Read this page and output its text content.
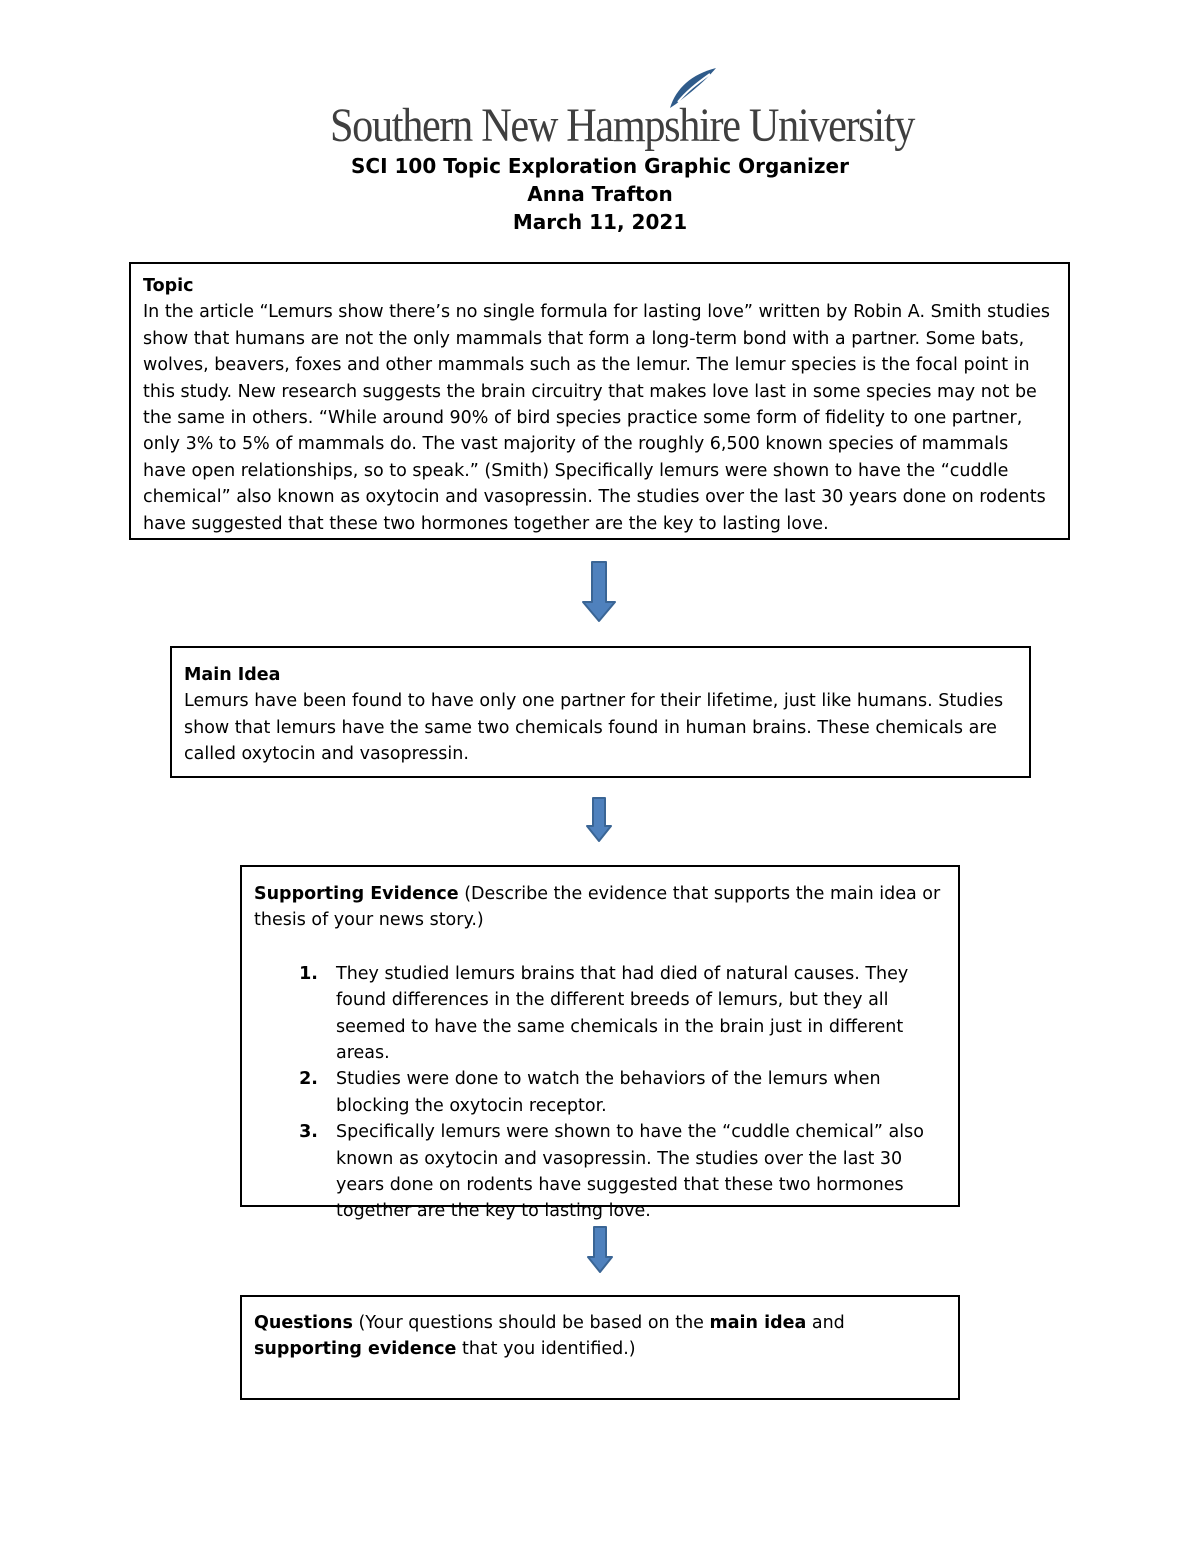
Southern New Hampshire University
SCI 100 Topic Exploration Graphic Organizer
Anna Trafton
March 11, 2021

Topic

In the article “Lemurs show there’s no single formula for lasting love” written by Robin A. Smith studies show that humans are not the only mammals that form a long-term bond with a partner. Some bats, wolves, beavers, foxes and other mammals such as the lemur. The lemur species is the focal point in this study. New research suggests the brain circuitry that makes love last in some species may not be the same in others. “While around 90% of bird species practice some form of fidelity to one partner, only 3% to 5% of mammals do. The vast majority of the roughly 6,500 known species of mammals have open relationships, so to speak.” (Smith) Specifically lemurs were shown to have the “cuddle chemical” also known as oxytocin and vasopressin. The studies over the last 30 years done on rodents have suggested that these two hormones together are the key to lasting love.

Main Idea

Lemurs have been found to have only one partner for their lifetime, just like humans. Studies show that lemurs have the same two chemicals found in human brains. These chemicals are called oxytocin and vasopressin.

Supporting Evidence (Describe the evidence that supports the main idea or thesis of your news story.)

1. They studied lemurs brains that had died of natural causes. They found differences in the different breeds of lemurs, but they all seemed to have the same chemicals in the brain just in different areas.
2. Studies were done to watch the behaviors of the lemurs when blocking the oxytocin receptor.
3. Specifically lemurs were shown to have the “cuddle chemical” also known as oxytocin and vasopressin. The studies over the last 30 years done on rodents have suggested that these two hormones together are the key to lasting love.

Questions (Your questions should be based on the main idea and supporting evidence that you identified.)
